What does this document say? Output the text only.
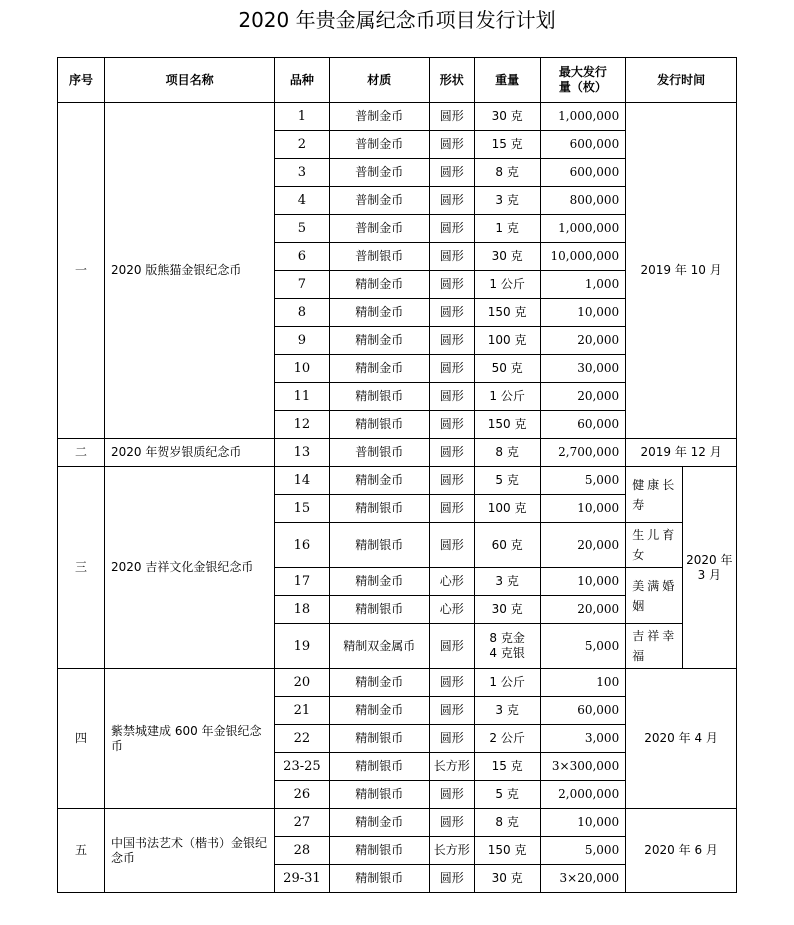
2020 年贵金属纪念币项目发行计划
序号	项目名称	品种	材质	形状	重量	最大发行
量（枚）	发行时间	
一	2020 版熊猫金银纪念币	1	普制金币	圆形	30 克	1,000,000	2019 年 10 月	
		2	普制金币	圆形	15 克	600,000		
		3	普制金币	圆形	8 克	600,000		
		4	普制金币	圆形	3 克	800,000		
		5	普制金币	圆形	1 克	1,000,000		
		6	普制银币	圆形	30 克	10,000,000		
		7	精制金币	圆形	1 公斤	1,000		
		8	精制金币	圆形	150 克	10,000		
		9	精制金币	圆形	100 克	20,000		
		10	精制金币	圆形	50 克	30,000		
		11	精制银币	圆形	1 公斤	20,000		
		12	精制银币	圆形	150 克	60,000		
二	2020 年贺岁银质纪念币	13	普制银币	圆形	8 克	2,700,000	2019 年 12 月	
三	2020 吉祥文化金银纪念币	14	精制金币	圆形	5 克	5,000	健康长寿	2020 年 3 月
		15	精制银币	圆形	100 克	10,000		
		16	精制银币	圆形	60 克	20,000	生儿育女	
		17	精制金币	心形	3 克	10,000	美满婚姻	
		18	精制银币	心形	30 克	20,000		
		19	精制双金属币	圆形	8 克金
4 克银	5,000	吉祥幸福	
四	紫禁城建成 600 年金银纪念币	20	精制金币	圆形	1 公斤	100	2020 年 4 月	
		21	精制金币	圆形	3 克	60,000		
		22	精制银币	圆形	2 公斤	3,000		
		23-25	精制银币	长方形	15 克	3×300,000		
		26	精制银币	圆形	5 克	2,000,000		
五	中国书法艺术（楷书）金银纪念币	27	精制金币	圆形	8 克	10,000	2020 年 6 月	
		28	精制银币	长方形	150 克	5,000		
		29-31	精制银币	圆形	30 克	3×20,000		
